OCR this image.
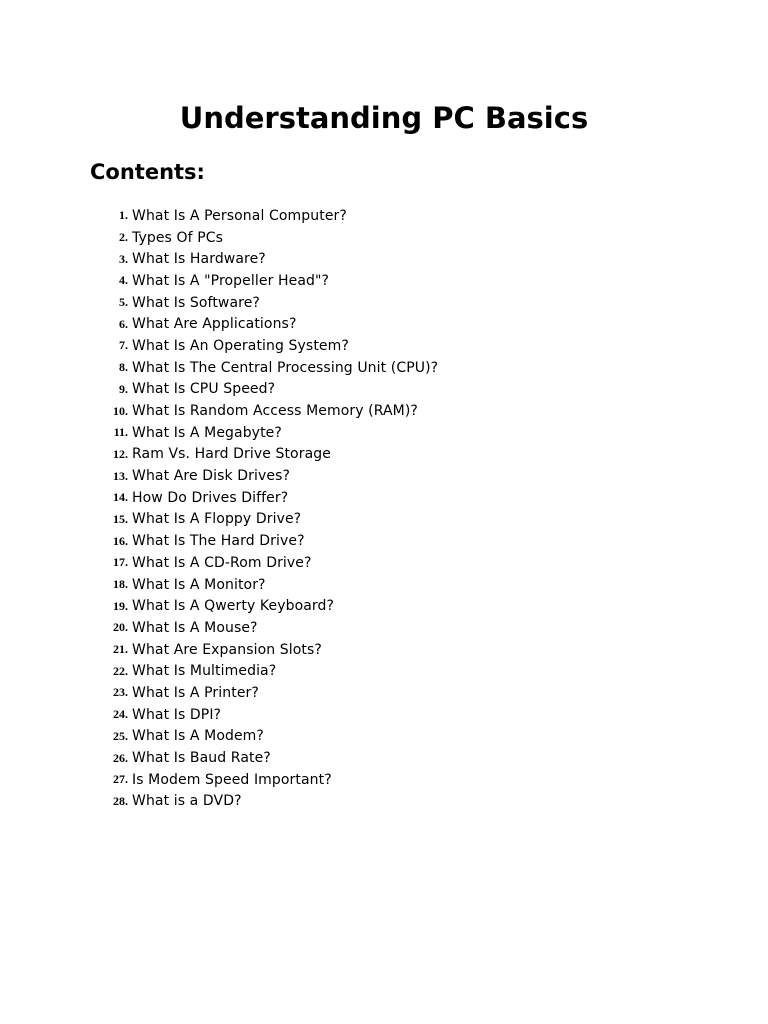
Understanding PC Basics
Contents:
1. What Is A Personal Computer?
2. Types Of PCs
3. What Is Hardware?
4. What Is A "Propeller Head"?
5. What Is Software?
6. What Are Applications?
7. What Is An Operating System?
8. What Is The Central Processing Unit (CPU)?
9. What Is CPU Speed?
10. What Is Random Access Memory (RAM)?
11. What Is A Megabyte?
12. Ram Vs. Hard Drive Storage
13. What Are Disk Drives?
14. How Do Drives Differ?
15. What Is A Floppy Drive?
16. What Is The Hard Drive?
17. What Is A CD-Rom Drive?
18. What Is A Monitor?
19. What Is A Qwerty Keyboard?
20. What Is A Mouse?
21. What Are Expansion Slots?
22. What Is Multimedia?
23. What Is A Printer?
24. What Is DPI?
25. What Is A Modem?
26. What Is Baud Rate?
27. Is Modem Speed Important?
28. What is a DVD?
